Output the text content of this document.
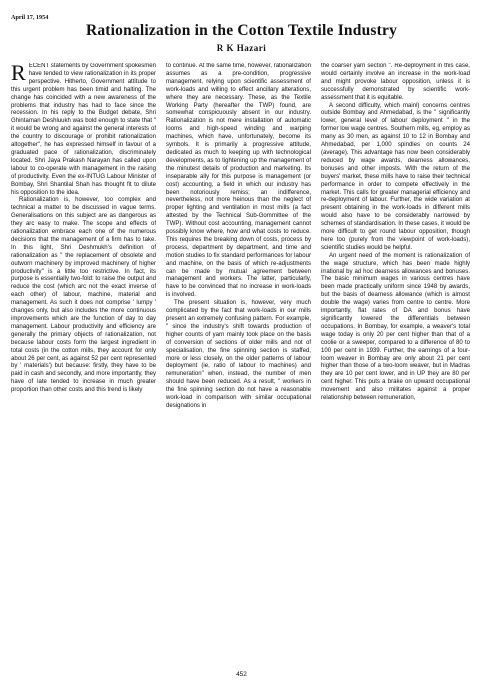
April 17, 1954
Rationalization in the Cotton Textile Industry
R K Hazari

RECENT statements by Government spokesmen have tended to view rationalization in its proper perspective. Hitherto, Government attitude to this urgent problem has been timid and halting. The change has coincided with a new awareness of the problems that industry has had to face since the recession. In his reply to the Budget debate, Shri Ghintaman Deshluukh was bold enough to state that " it would be wrong and against the general interests of the country to discourage or prohibit rationalization altogether", he has expressed himself in favour of a graduated pace of rationalization, discriminately located. Shri Jaya Prakash Narayan has called upon labour to co-operate with management in the raising of productivity. Even the ex-INTUG Labour Minister of Bombay, Shri Shantilal Shah has thought fit to dilute his opposition to the idea.

Rationalization is, however, too complex and technical a matter to be discussed in vague terms. Generalisations on this subject are as dangerous as they arc easy to make. The scope and effects of rationalization embrace each one of the numerous decisions that the management of a firm has to take. In this light, Shri Deshmukh's definition of rationalization as " the replacement of obsolete and outworn machinery by improved machinery of higher productivity" is a little too restrictive. In fact, its purpose is essentially two-fold: to raise the output and reduce the cost (which arc not the exact inverse of each other) of labour, machine, material and management. As such it does not comprise ' lumpy ' changes only, but also includes the more continuous improvements which are the function of day to day management. Labour productivity and efficiency are generally the primary objects of rationalization, not because labour costs form the largest ingredient in total costs (in the cotton mills, they account for only about 26 per cent, as against 52 per cent represented by ' materials') but because: firstly, they have to be paid in cash and secondly, and more importantly, they have of late tended to increase in much greater proportion than other costs and this trend is likely

to continue. At the same time, however, rationalization assumes as a pre-condition, progressive management, relying upon scientific assessment of work-loads and willing to effect ancillary alterations, where they are necessary. These, as the Textile Working Party (hereafter the TWP) found, are somewhat conspicuously absent in our industry. Rationalization is not mere installation of automatic looms and high-speed winding and warping machines, which have, unfortunately, become its symbols. It is primarily a progressive attitude, dedicated as much to keeping up with technological developments, as to tightening up the management of the minutest details of production and marketing. Its inseparable ally for this purpose is management (or cost) accounting, a field in which our industry has been notoriously remiss; an indifference, nevertheless, not more heinous than the neglect of proper lighting and ventilation in most mills (a fact attested by the Technical Sub-Gommittee of the TWP). Without cost accounting, management cannot possibly know where, how and what costs to reduce. This requires the breaking down of costs, process by process, department by department, and time and motion studies to fix standard performances for labour and machine, on the basis of which re-adjustments can be made by mutual agreement between management and workers. The latter, particularly, have to be convinced that no increase in work-loads is involved.

The present situation is, however, very much complicated by the fact that work-loads in our mills present an extremely confusing pattern. For example, " since the industry's shift towards production of higher counts of yarn mainly took place on the basis of conversion of sections of older mills and not of specialisation, the fine spinning section is staffed, more or less closely, on the older patterns of labour deployment (ie, ratio of labour to machines) and remuneration" when, instead, the number of men should have been reduced. As a result, " workers in the fine spinning section do not have a reasonable work-load in comparison with similar occupational designations in

the coarser yarn section ". Re-deployment in this case, would certainly involve an increase in the work-load and might provoke labour opposition, unless it is successfully demonstrated by scientific work-assessment that it is equitable.

A second difficulty, which mainl) concerns centres outside Bombay and Ahmedabad, is the " significantly lower, general level of labour deployment " in the former low wage centres. Southern mills, eg, employ as many as 30 men, as against 10 to 12 in Bombay and Ahmedabad, per 1,000 spindles on counts 24 (average). This advantage has now been considerably reduced by wage awards, dearness allowances, bonuses and other imposts. With the return of the buyers' market, these mills have to raise their technical performance in order to compete effectively in the market. This calls for greater managerial efficiency and re-deployment of labour. Further, the wide variation at present obtaining in the work-loads in different mills would also have to be considerably narrowed by schemes of standardisation. In these cases, it would be more difficult to get round labour opposition, though here too (purely from the viewpoint of work-loads), scientific studies would be helpful.

An urgent need of the moment is rationalization of the wage structure, which has been made highly irrational by ad hoc dearness allowances and bonuses. The basic minimum wages in various centres have been made practically uniform since 1948 by awards, but the basis of dearness allowance (which is almost double the wage) varies from centre to centre. More importantly, flat rates of DA and bonus have significantly lowered the differentials between occupations. In Bombay, for example, a weaver's total wage today is only 20 per cent higher than that of a coolie or a sweeper, compared to a difference of 80 to 100 per cent in 1939. Further, the earnings of a four-loom weaver in Bombay are only about 21 per cent higher than those of a two-loom weaver, but in Madras they are 10 per cent lower, and in UP they are 80 per cent higher. This puts a brake on upward occupational movement and also militates against a proper relationship between remuneration,

452
